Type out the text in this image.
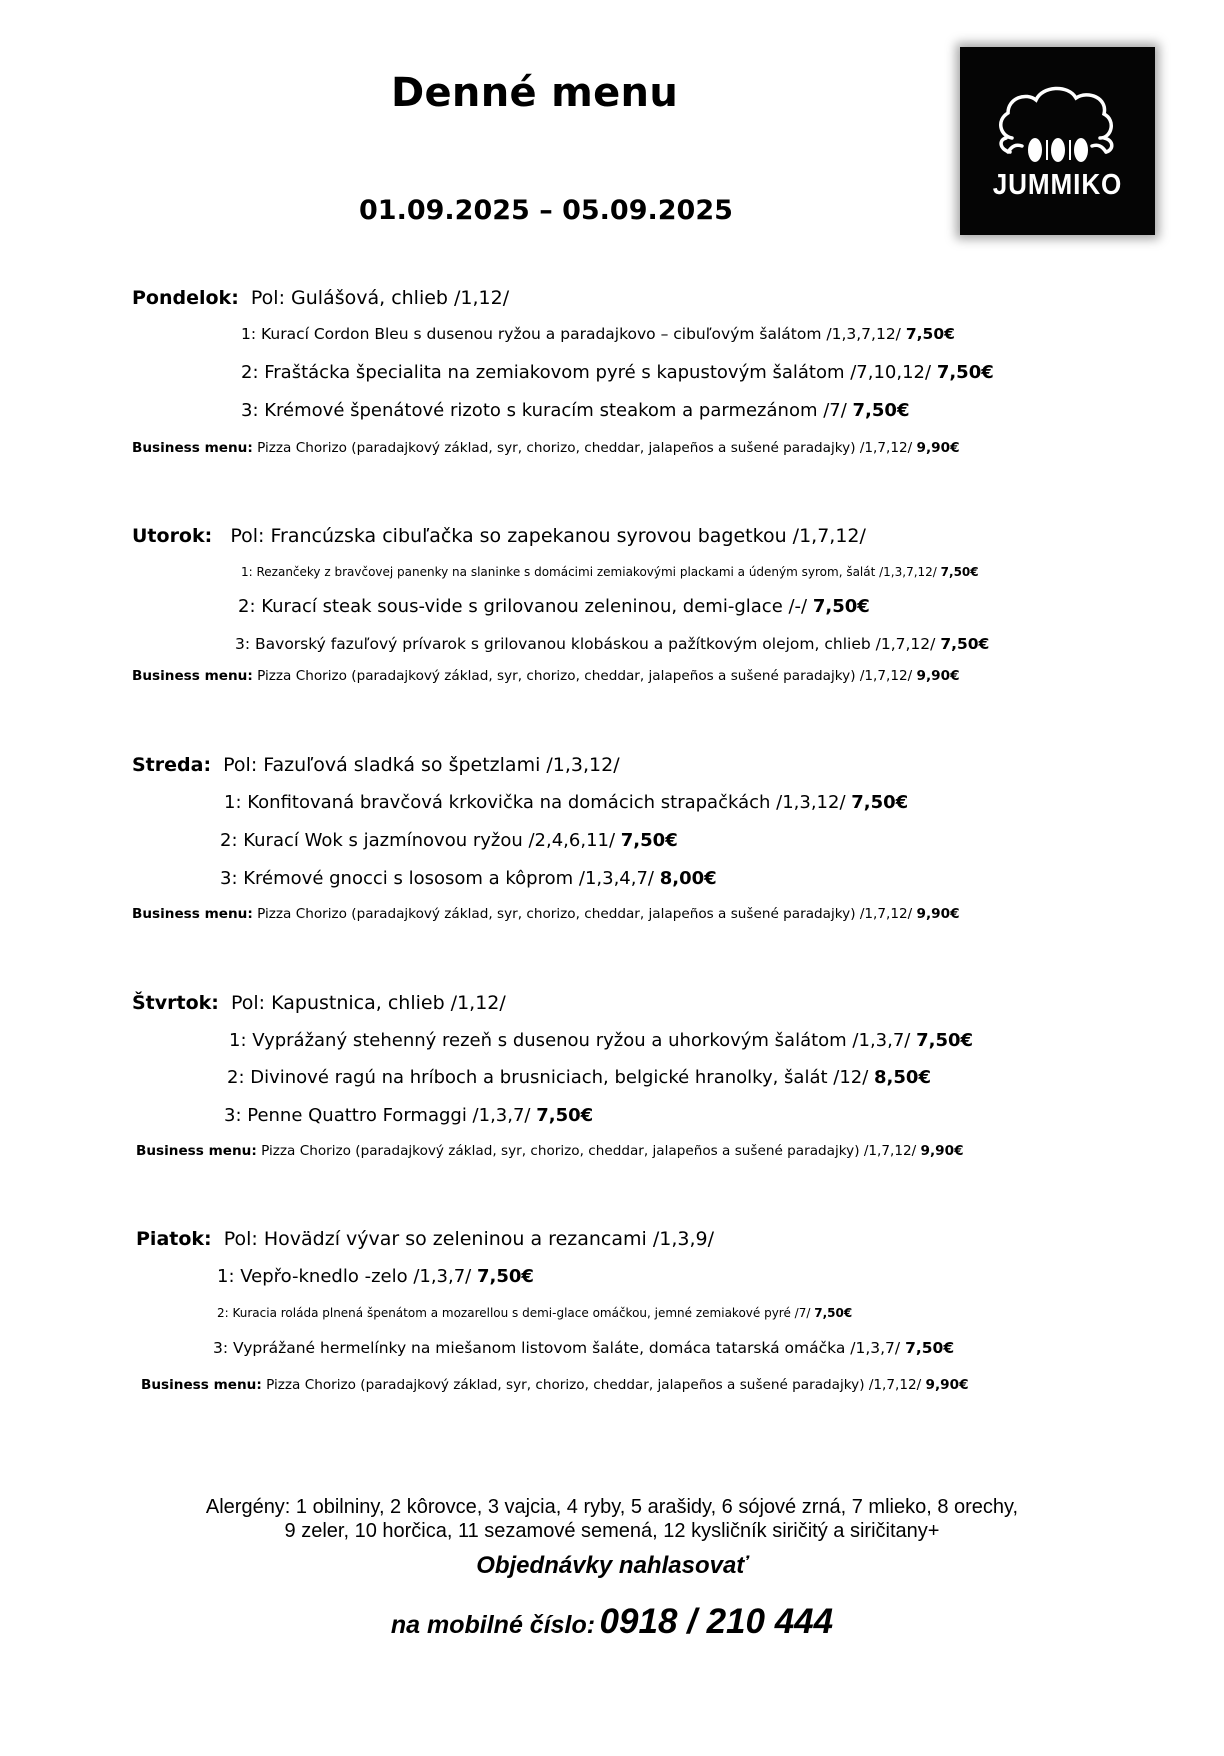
Denné menu
01.09.2025 – 05.09.2025
JUMMIKO
Pondelok: Pol: Gulášová, chlieb /1,12/
1: Kurací Cordon Bleu s dusenou ryžou a paradajkovo – cibuľovým šalátom /1,3,7,12/ 7,50€
2: Fraštácka špecialita na zemiakovom pyré s kapustovým šalátom /7,10,12/ 7,50€
3: Krémové špenátové rizoto s kuracím steakom a parmezánom /7/ 7,50€
Business menu: Pizza Chorizo (paradajkový základ, syr, chorizo, cheddar, jalapeños a sušené paradajky) /1,7,12/ 9,90€
Utorok: Pol: Francúzska cibuľačka so zapekanou syrovou bagetkou /1,7,12/
1: Rezančeky z bravčovej panenky na slaninke s domácimi zemiakovými plackami a údeným syrom, šalát /1,3,7,12/ 7,50€
2: Kurací steak sous-vide s grilovanou zeleninou, demi-glace /-/ 7,50€
3: Bavorský fazuľový prívarok s grilovanou klobáskou a pažítkovým olejom, chlieb /1,7,12/ 7,50€
Business menu: Pizza Chorizo (paradajkový základ, syr, chorizo, cheddar, jalapeños a sušené paradajky) /1,7,12/ 9,90€
Streda: Pol: Fazuľová sladká so špetzlami /1,3,12/
1: Konfitovaná bravčová krkovička na domácich strapačkách /1,3,12/ 7,50€
2: Kurací Wok s jazmínovou ryžou /2,4,6,11/ 7,50€
3: Krémové gnocci s lososom a kôprom /1,3,4,7/ 8,00€
Business menu: Pizza Chorizo (paradajkový základ, syr, chorizo, cheddar, jalapeños a sušené paradajky) /1,7,12/ 9,90€
Štvrtok: Pol: Kapustnica, chlieb /1,12/
1: Vyprážaný stehenný rezeň s dusenou ryžou a uhorkovým šalátom /1,3,7/ 7,50€
2: Divinové ragú na hríboch a brusniciach, belgické hranolky, šalát /12/ 8,50€
3: Penne Quattro Formaggi /1,3,7/ 7,50€
Business menu: Pizza Chorizo (paradajkový základ, syr, chorizo, cheddar, jalapeños a sušené paradajky) /1,7,12/ 9,90€
Piatok: Pol: Hovädzí vývar so zeleninou a rezancami /1,3,9/
1: Vepřo-knedlo -zelo /1,3,7/ 7,50€
2: Kuracia roláda plnená špenátom a mozarellou s demi-glace omáčkou, jemné zemiakové pyré /7/ 7,50€
3: Vyprážané hermelínky na miešanom listovom šaláte, domáca tatarská omáčka /1,3,7/ 7,50€
Business menu: Pizza Chorizo (paradajkový základ, syr, chorizo, cheddar, jalapeños a sušené paradajky) /1,7,12/ 9,90€
Alergény: 1 obilniny, 2 kôrovce, 3 vajcia, 4 ryby, 5 arašidy, 6 sójové zrná, 7 mlieko, 8 orechy,
9 zeler, 10 horčica, 11 sezamové semená, 12 kysličník siričitý a siričitany+
Objednávky nahlasovať
na mobilné číslo: 0918 / 210 444
